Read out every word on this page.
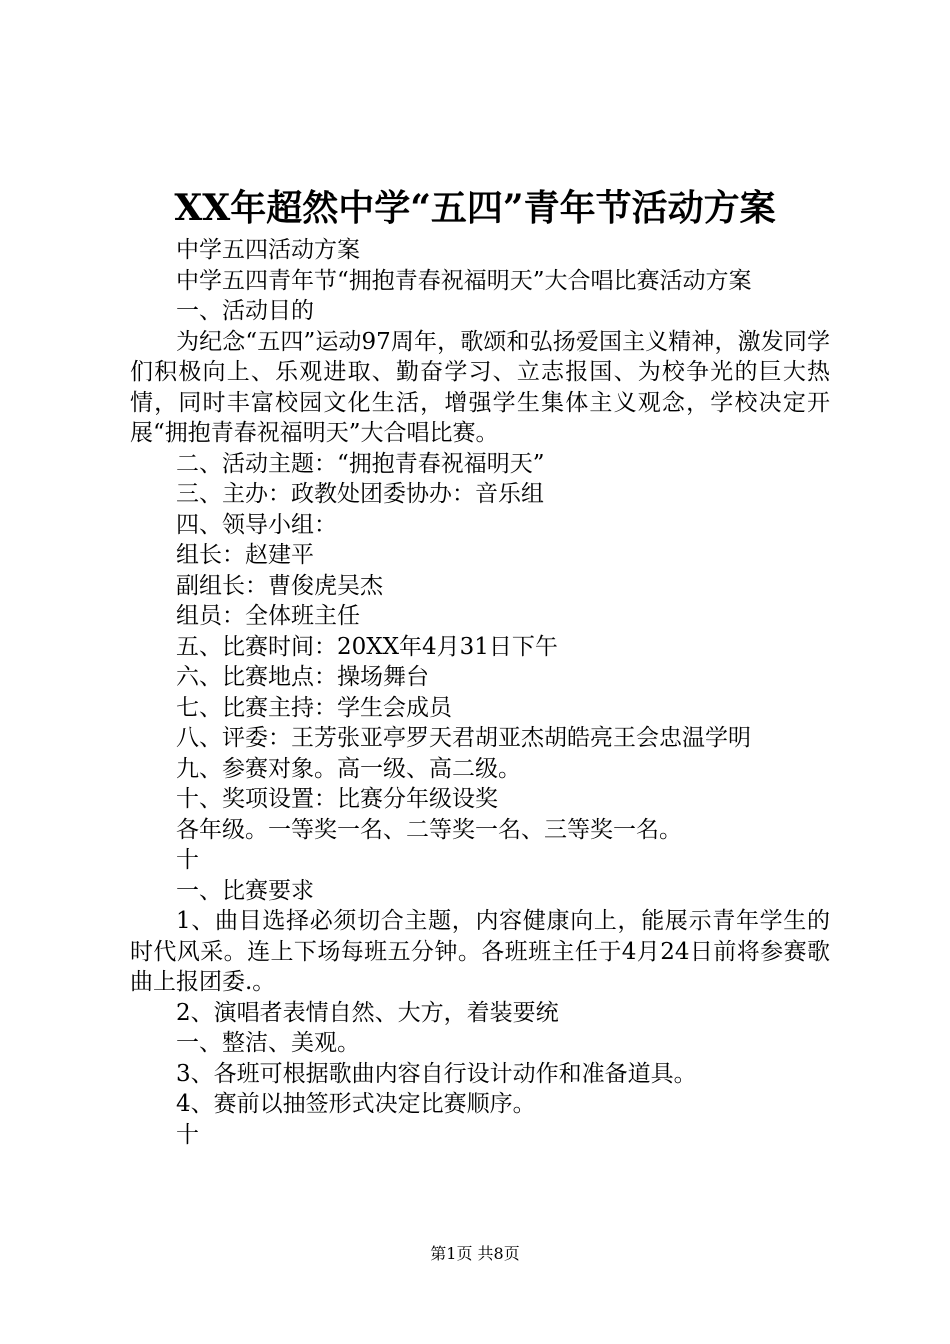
XX年超然中学“五四”青年节活动方案

中学五四活动方案

中学五四青年节“拥抱青春祝福明天”大合唱比赛活动方案

一、活动目的

为纪念“五四”运动97周年，歌颂和弘扬爱国主义精神，激发同学们积极向上、乐观进取、勤奋学习、立志报国、为校争光的巨大热情，同时丰富校园文化生活，增强学生集体主义观念，学校决定开展“拥抱青春祝福明天”大合唱比赛。

二、活动主题：“拥抱青春祝福明天”

三、主办：政教处团委协办：音乐组

四、领导小组：

组长：赵建平

副组长：曹俊虎吴杰

组员：全体班主任

五、比赛时间：20XX年4月31日下午

六、比赛地点：操场舞台

七、比赛主持：学生会成员

八、评委：王芳张亚亭罗天君胡亚杰胡皓亮王会忠温学明

九、参赛对象。高一级、高二级。

十、奖项设置：比赛分年级设奖

各年级。一等奖一名、二等奖一名、三等奖一名。

十

一、比赛要求

1、曲目选择必须切合主题，内容健康向上，能展示青年学生的时代风采。连上下场每班五分钟。各班班主任于4月24日前将参赛歌曲上报团委.。

2、演唱者表情自然、大方，着装要统

一、整洁、美观。

3、各班可根据歌曲内容自行设计动作和准备道具。

4、赛前以抽签形式决定比赛顺序。

十

第1页 共8页
